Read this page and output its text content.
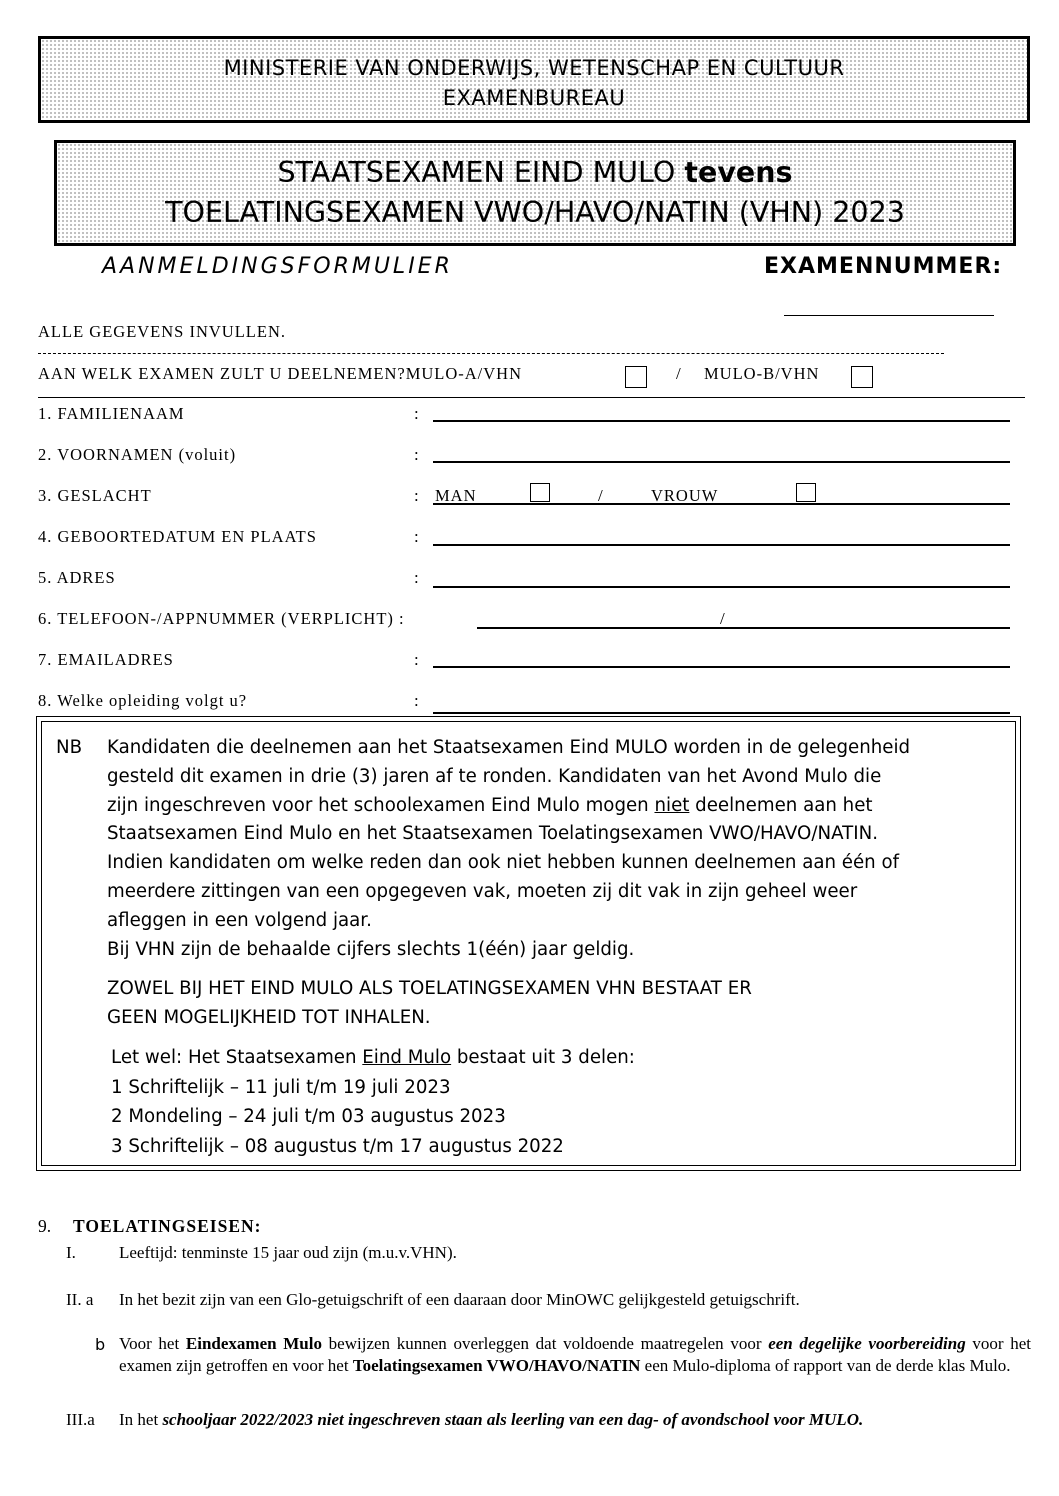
MINISTERIE VAN ONDERWIJS, WETENSCHAP EN CULTUUR
EXAMENBUREAU
STAATSEXAMEN EIND MULO tevens
TOELATINGSEXAMEN VWO/HAVO/NATIN (VHN) 2023
AANMELDINGSFORMULIER	EXAMENNUMMER:
ALLE GEGEVENS INVULLEN.
AAN WELK EXAMEN ZULT U DEELNEMEN?MULO-A/VHN	/ MULO-B/VHN
1. FAMILIENAAM	:
2. VOORNAMEN (voluit)	:
3. GESLACHT	: MAN	/	VROUW
4. GEBOORTEDATUM EN PLAATS	:
5. ADRES	:
6. TELEFOON-/APPNUMMER (VERPLICHT) :	/
7. EMAILADRES	:
8. Welke opleiding volgt u?	:
NB Kandidaten die deelnemen aan het Staatsexamen Eind MULO worden in de gelegenheid
gesteld dit examen in drie (3) jaren af te ronden. Kandidaten van het Avond Mulo die
zijn ingeschreven voor het schoolexamen Eind Mulo mogen niet deelnemen aan het
Staatsexamen Eind Mulo en het Staatsexamen Toelatingsexamen VWO/HAVO/NATIN.
Indien kandidaten om welke reden dan ook niet hebben kunnen deelnemen aan één of
meerdere zittingen van een opgegeven vak, moeten zij dit vak in zijn geheel weer
afleggen in een volgend jaar.
Bij VHN zijn de behaalde cijfers slechts 1(één) jaar geldig.
ZOWEL BIJ HET EIND MULO ALS TOELATINGSEXAMEN VHN BESTAAT ER
GEEN MOGELIJKHEID TOT INHALEN.
Let wel: Het Staatsexamen Eind Mulo bestaat uit 3 delen:
1 Schriftelijk – 11 juli t/m 19 juli 2023
2 Mondeling – 24 juli t/m 03 augustus 2023
3 Schriftelijk – 08 augustus t/m 17 augustus 2022
9. TOELATINGSEISEN:
I.	Leeftijd: tenminste 15 jaar oud zijn (m.u.v.VHN).
II. a In het bezit zijn van een Glo-getuigschrift of een daaraan door MinOWC gelijkgesteld getuigschrift.
b Voor het Eindexamen Mulo bewijzen kunnen overleggen dat voldoende maatregelen voor een degelijke voorbereiding voor het examen zijn getroffen en voor het Toelatingsexamen VWO/HAVO/NATIN een Mulo-diploma of rapport van de derde klas Mulo.
III.a In het schooljaar 2022/2023 niet ingeschreven staan als leerling van een dag- of avondschool voor MULO.
